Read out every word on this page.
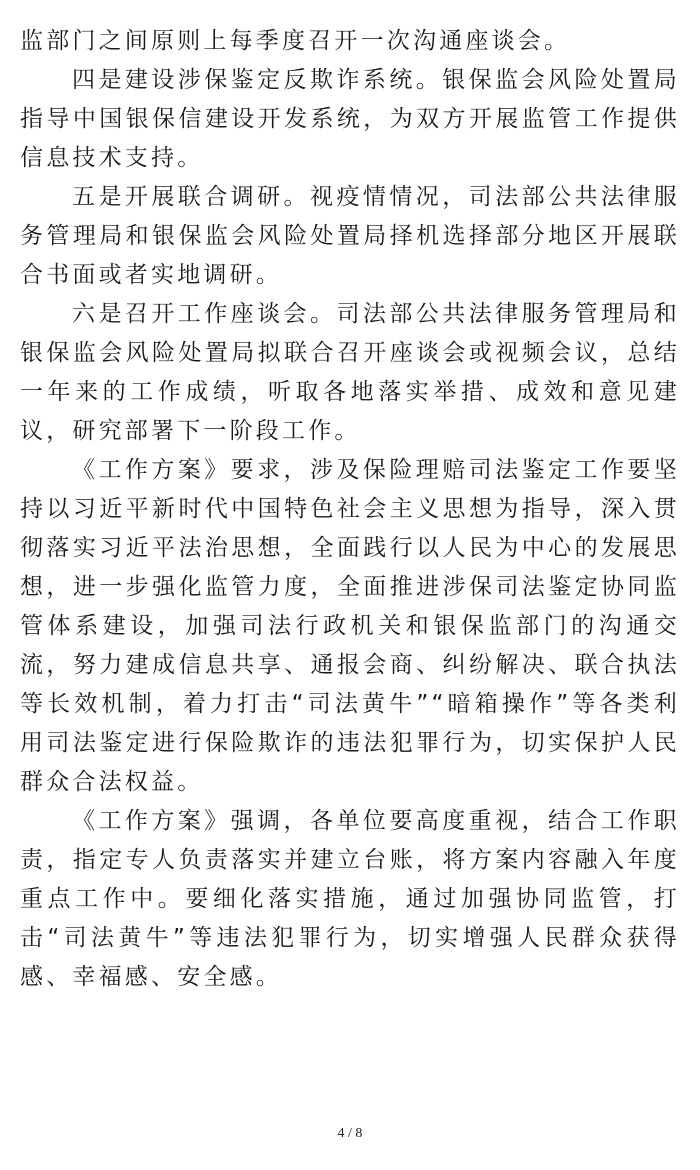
监部门之间原则上每季度召开一次沟通座谈会。

四是建设涉保鉴定反欺诈系统。银保监会风险处置局指导中国银保信建设开发系统，为双方开展监管工作提供信息技术支持。

五是开展联合调研。视疫情情况，司法部公共法律服务管理局和银保监会风险处置局择机选择部分地区开展联合书面或者实地调研。

六是召开工作座谈会。司法部公共法律服务管理局和银保监会风险处置局拟联合召开座谈会或视频会议，总结一年来的工作成绩，听取各地落实举措、成效和意见建议，研究部署下一阶段工作。

《工作方案》要求，涉及保险理赔司法鉴定工作要坚持以习近平新时代中国特色社会主义思想为指导，深入贯彻落实习近平法治思想，全面践行以人民为中心的发展思想，进一步强化监管力度，全面推进涉保司法鉴定协同监管体系建设，加强司法行政机关和银保监部门的沟通交流，努力建成信息共享、通报会商、纠纷解决、联合执法等长效机制，着力打击“司法黄牛”“暗箱操作”等各类利用司法鉴定进行保险欺诈的违法犯罪行为，切实保护人民群众合法权益。

《工作方案》强调，各单位要高度重视，结合工作职责，指定专人负责落实并建立台账，将方案内容融入年度重点工作中。要细化落实措施，通过加强协同监管，打击“司法黄牛”等违法犯罪行为，切实增强人民群众获得感、幸福感、安全感。

4 / 8
